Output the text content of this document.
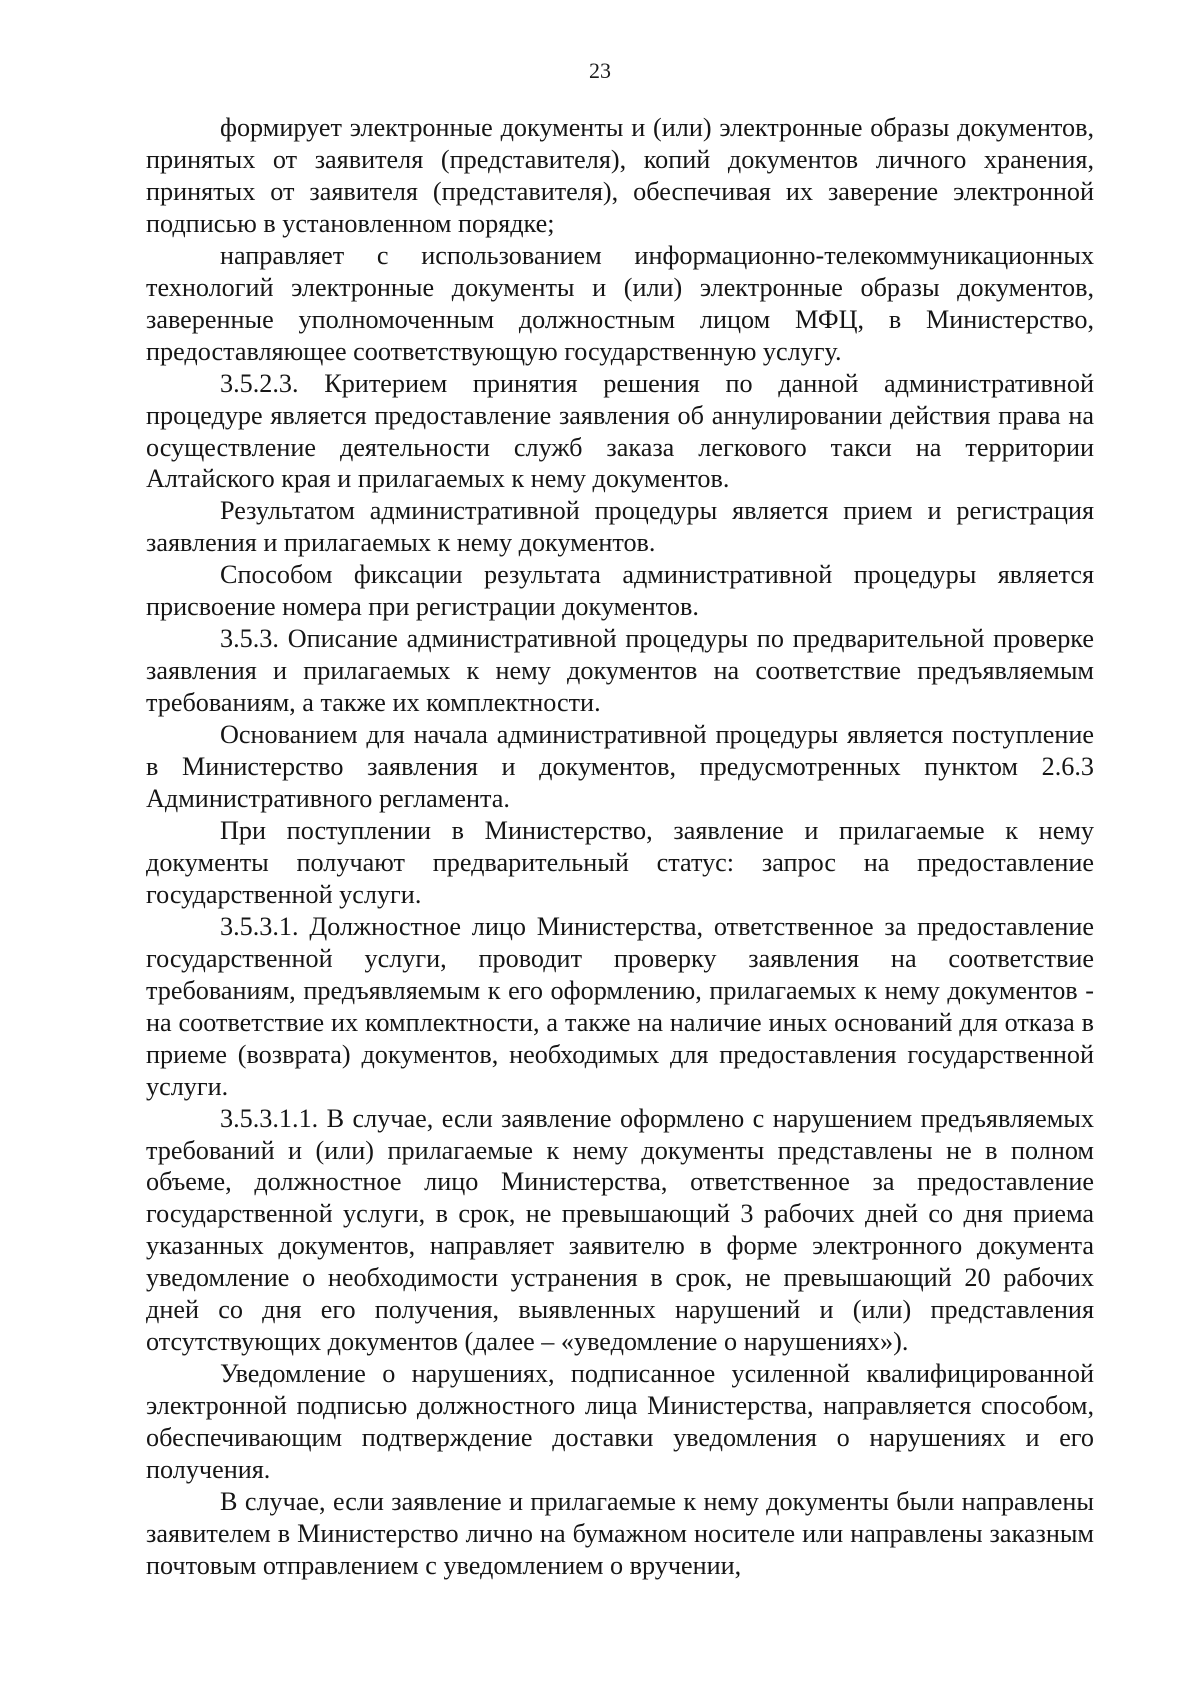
23

формирует электронные документы и (или) электронные образы документов, принятых от заявителя (представителя), копий документов личного хранения, принятых от заявителя (представителя), обеспечивая их заверение электронной подписью в установленном порядке;

направляет с использованием информационно-телекоммуникационных технологий электронные документы и (или) электронные образы документов, заверенные уполномоченным должностным лицом МФЦ, в Министерство, предоставляющее соответствующую государственную услугу.

3.5.2.3. Критерием принятия решения по данной административной процедуре является предоставление заявления об аннулировании действия права на осуществление деятельности служб заказа легкового такси на территории Алтайского края и прилагаемых к нему документов.

Результатом административной процедуры является прием и регистрация заявления и прилагаемых к нему документов.

Способом фиксации результата административной процедуры является присвоение номера при регистрации документов.

3.5.3. Описание административной процедуры по предварительной проверке заявления и прилагаемых к нему документов на соответствие предъявляемым требованиям, а также их комплектности.

Основанием для начала административной процедуры является поступление в Министерство заявления и документов, предусмотренных пунктом 2.6.3 Административного регламента.

При поступлении в Министерство, заявление и прилагаемые к нему документы получают предварительный статус: запрос на предоставление государственной услуги.

3.5.3.1. Должностное лицо Министерства, ответственное за предоставление государственной услуги, проводит проверку заявления на соответствие требованиям, предъявляемым к его оформлению, прилагаемых к нему документов - на соответствие их комплектности, а также на наличие иных оснований для отказа в приеме (возврата) документов, необходимых для предоставления государственной услуги.

3.5.3.1.1. В случае, если заявление оформлено с нарушением предъявляемых требований и (или) прилагаемые к нему документы представлены не в полном объеме, должностное лицо Министерства, ответственное за предоставление государственной услуги, в срок, не превышающий 3 рабочих дней со дня приема указанных документов, направляет заявителю в форме электронного документа уведомление о необходимости устранения в срок, не превышающий 20 рабочих дней со дня его получения, выявленных нарушений и (или) представления отсутствующих документов (далее – «уведомление о нарушениях»).

Уведомление о нарушениях, подписанное усиленной квалифицированной электронной подписью должностного лица Министерства, направляется способом, обеспечивающим подтверждение доставки уведомления о нарушениях и его получения.

В случае, если заявление и прилагаемые к нему документы были направлены заявителем в Министерство лично на бумажном носителе или направлены заказным почтовым отправлением с уведомлением о вручении,
